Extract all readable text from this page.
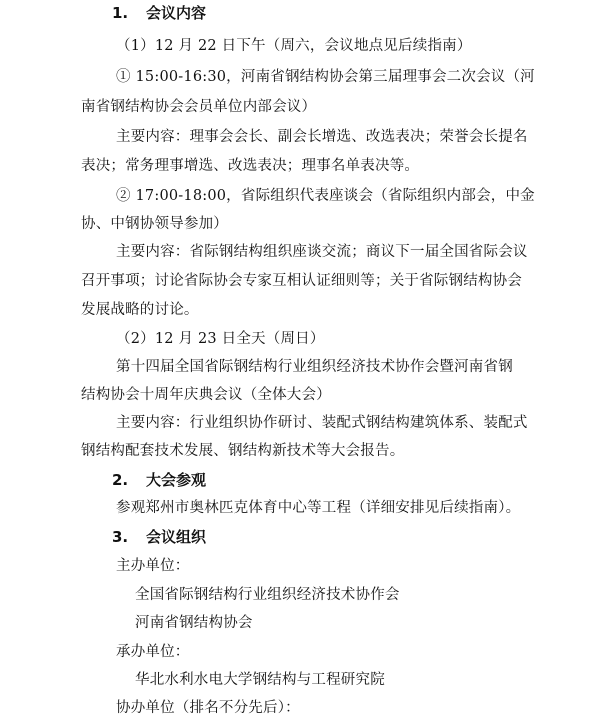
1. 会议内容
（1）12 月 22 日下午（周六，会议地点见后续指南）
① 15:00-16:30，河南省钢结构协会第三届理事会二次会议（河
南省钢结构协会会员单位内部会议）
主要内容：理事会会长、副会长增选、改选表决；荣誉会长提名
表决；常务理事增选、改选表决；理事名单表决等。
② 17:00-18:00，省际组织代表座谈会（省际组织内部会，中金
协、中钢协领导参加）
主要内容：省际钢结构组织座谈交流；商议下一届全国省际会议
召开事项；讨论省际协会专家互相认证细则等；关于省际钢结构协会
发展战略的讨论。
（2）12 月 23 日全天（周日）
第十四届全国省际钢结构行业组织经济技术协作会暨河南省钢
结构协会十周年庆典会议（全体大会）
主要内容：行业组织协作研讨、装配式钢结构建筑体系、装配式
钢结构配套技术发展、钢结构新技术等大会报告。
2. 大会参观
参观郑州市奥林匹克体育中心等工程（详细安排见后续指南）。
3. 会议组织
主办单位：
全国省际钢结构行业组织经济技术协作会
河南省钢结构协会
承办单位：
华北水利水电大学钢结构与工程研究院
协办单位（排名不分先后）：
